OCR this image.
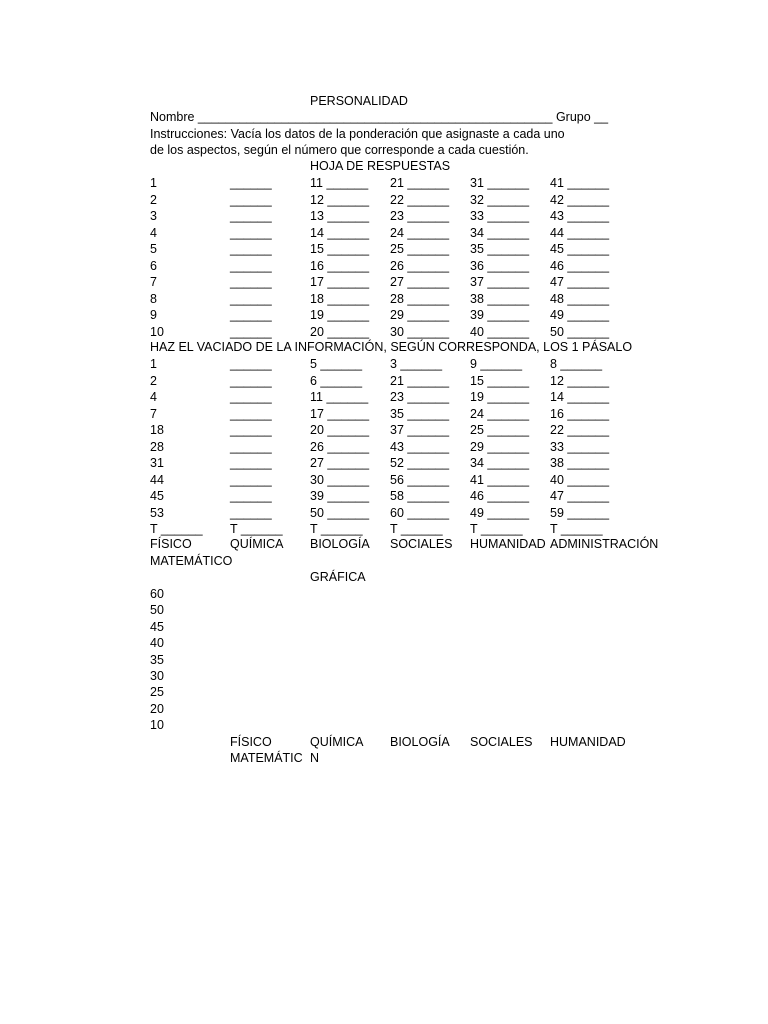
PERSONALIDAD
Nombre ___________________________________________________ Grupo __
Instrucciones: Vacía los datos de la ponderación que asignaste a cada uno
de los aspectos, según el número que corresponde a cada cuestión.
HOJA DE RESPUESTAS
1	______	11 ______	21 ______	31 ______	41 ______
2	______	12 ______	22 ______	32 ______	42 ______
3	______	13 ______	23 ______	33 ______	43 ______
4	______	14 ______	24 ______	34 ______	44 ______
5	______	15 ______	25 ______	35 ______	45 ______
6	______	16 ______	26 ______	36 ______	46 ______
7	______	17 ______	27 ______	37 ______	47 ______
8	______	18 ______	28 ______	38 ______	48 ______
9	______	19 ______	29 ______	39 ______	49 ______
10	______	20 ______	30 ______	40 ______	50 ______
HAZ EL VACIADO DE LA INFORMACIÓN, SEGÚN CORRESPONDA, LOS 1 PÁSALO
1	______	5 ______	3 ______	9 ______	8 ______
2	______	6 ______	21 ______	15 ______	12 ______
4	______	11 ______	23 ______	19 ______	14 ______
7	______	17 ______	35 ______	24 ______	16 ______
18	______	20 ______	37 ______	25 ______	22 ______
28	______	26 ______	43 ______	29 ______	33 ______
31	______	27 ______	52 ______	34 ______	38 ______
44	______	30 ______	56 ______	41 ______	40 ______
45	______	39 ______	58 ______	46 ______	47 ______
53	______	50 ______	60 ______	49 ______	59 ______
T ______	T ______	T ______	T ______	T ______	T ______
FÍSICO	QUÍMICA	BIOLOGÍA	SOCIALES	HUMANIDAD ADMINISTRACIÓN
MATEMÁTICO
GRÁFICA
60
50
45
40
35
30
25
20
10
FÍSICO	QUÍMICA	BIOLOGÍA	SOCIALES	HUMANIDAD
MATEMÁTIC N
